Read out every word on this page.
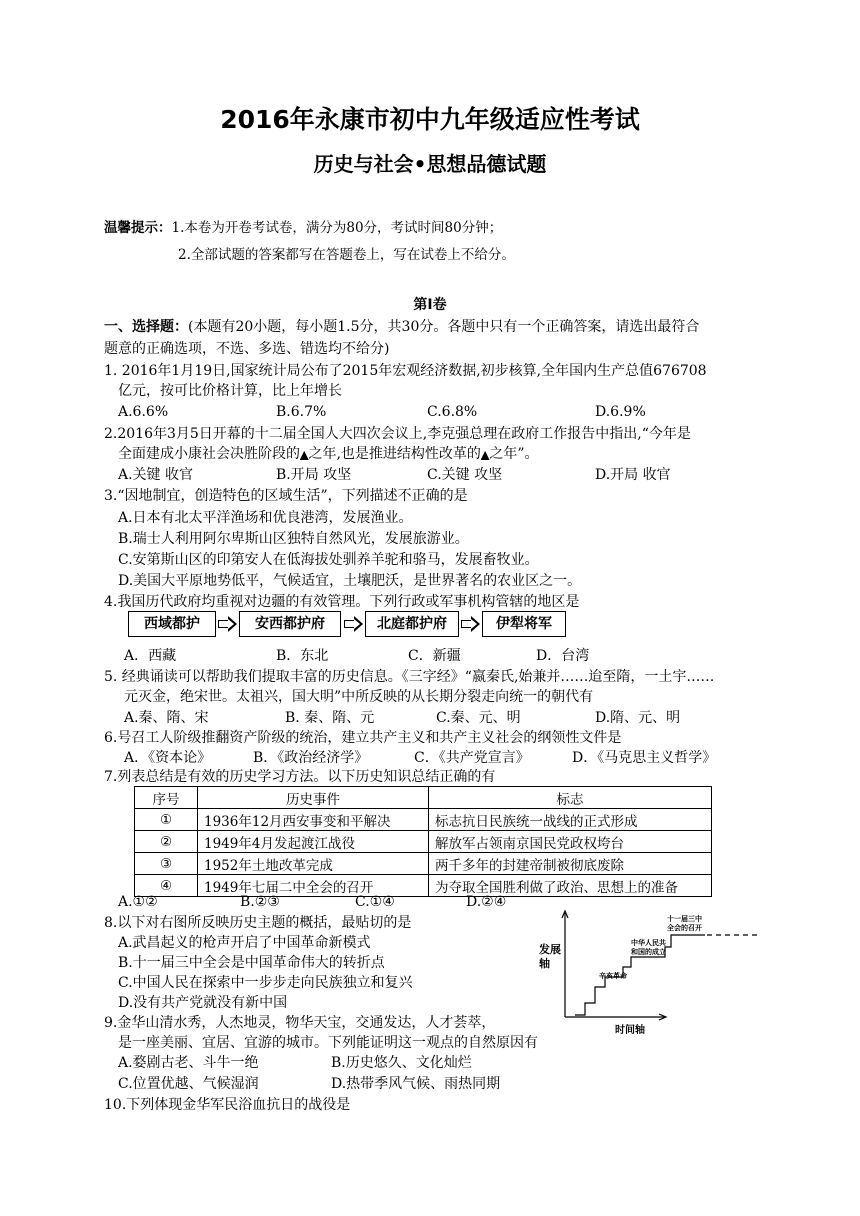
2016年永康市初中九年级适应性考试
历史与社会•思想品德试题
温馨提示：1.本卷为开卷考试卷，满分为80分，考试时间80分钟；
2.全部试题的答案都写在答题卷上，写在试卷上不给分。
第Ⅰ卷
一、选择题：(本题有20小题，每小题1.5分，共30分。各题中只有一个正确答案，请选出最符合
题意的正确选项，不选、多选、错选均不给分)
1. 2016年1月19日,国家统计局公布了2015年宏观经济数据,初步核算,全年国内生产总值676708
亿元，按可比价格计算，比上年增长
A.6.6%	B.6.7%	C.6.8%	D.6.9%
2.2016年3月5日开幕的十二届全国人大四次会议上,李克强总理在政府工作报告中指出,“今年是
全面建成小康社会决胜阶段的▲之年,也是推进结构性改革的▲之年”。
A.关键 收官	B.开局 攻坚	C.关键 攻坚	D.开局 收官
3.“因地制宜，创造特色的区域生活”，下列描述不正确的是
A.日本有北太平洋渔场和优良港湾，发展渔业。
B.瑞士人利用阿尔卑斯山区独特自然风光，发展旅游业。
C.安第斯山区的印第安人在低海拔处驯养羊驼和骆马，发展畜牧业。
D.美国大平原地势低平，气候适宜，土壤肥沃，是世界著名的农业区之一。
4.我国历代政府均重视对边疆的有效管理。下列行政或军事机构管辖的地区是
西域都护	安西都护府	北庭都护府	伊犁将军
A．西藏	B．东北	C．新疆	D．台湾
5. 经典诵读可以帮助我们提取丰富的历史信息。《三字经》“嬴秦氏,始兼并……迨至隋，一土宇……
元灭金，绝宋世。太祖兴，国大明”中所反映的从长期分裂走向统一的朝代有
A.秦、隋、宋	B. 秦、隋、元	C.秦、元、明	D.隋、元、明
6.号召工人阶级推翻资产阶级的统治，建立共产主义和共产主义社会的纲领性文件是
A．《资本论》	B．《政治经济学》	C．《共产党宣言》	D．《马克思主义哲学》
7.列表总结是有效的历史学习方法。以下历史知识总结正确的有
序号	历史事件	标志
①	1936年12月西安事变和平解决	标志抗日民族统一战线的正式形成
②	1949年4月发起渡江战役	解放军占领南京国民党政权垮台
③	1952年土地改革完成	两千多年的封建帝制被彻底废除
④	1949年七届二中全会的召开	为夺取全国胜利做了政治、思想上的准备
A.①②	B.②③	C.①④	D.②④
8.以下对右图所反映历史主题的概括，最贴切的是
A.武昌起义的枪声开启了中国革命新模式
B.十一届三中全会是中国革命伟大的转折点
C.中国人民在探索中一步步走向民族独立和复兴
D.没有共产党就没有新中国
发展
轴
时间轴
辛亥革命
中华人民共
和国的成立
十一届三中
全会的召开
9.金华山清水秀，人杰地灵，物华天宝，交通发达，人才荟萃，
是一座美丽、宜居、宜游的城市。下列能证明这一观点的自然原因有
A.婺剧古老、斗牛一绝	B.历史悠久、文化灿烂
C.位置优越、气候湿润	D.热带季风气候、雨热同期
10.下列体现金华军民浴血抗日的战役是
